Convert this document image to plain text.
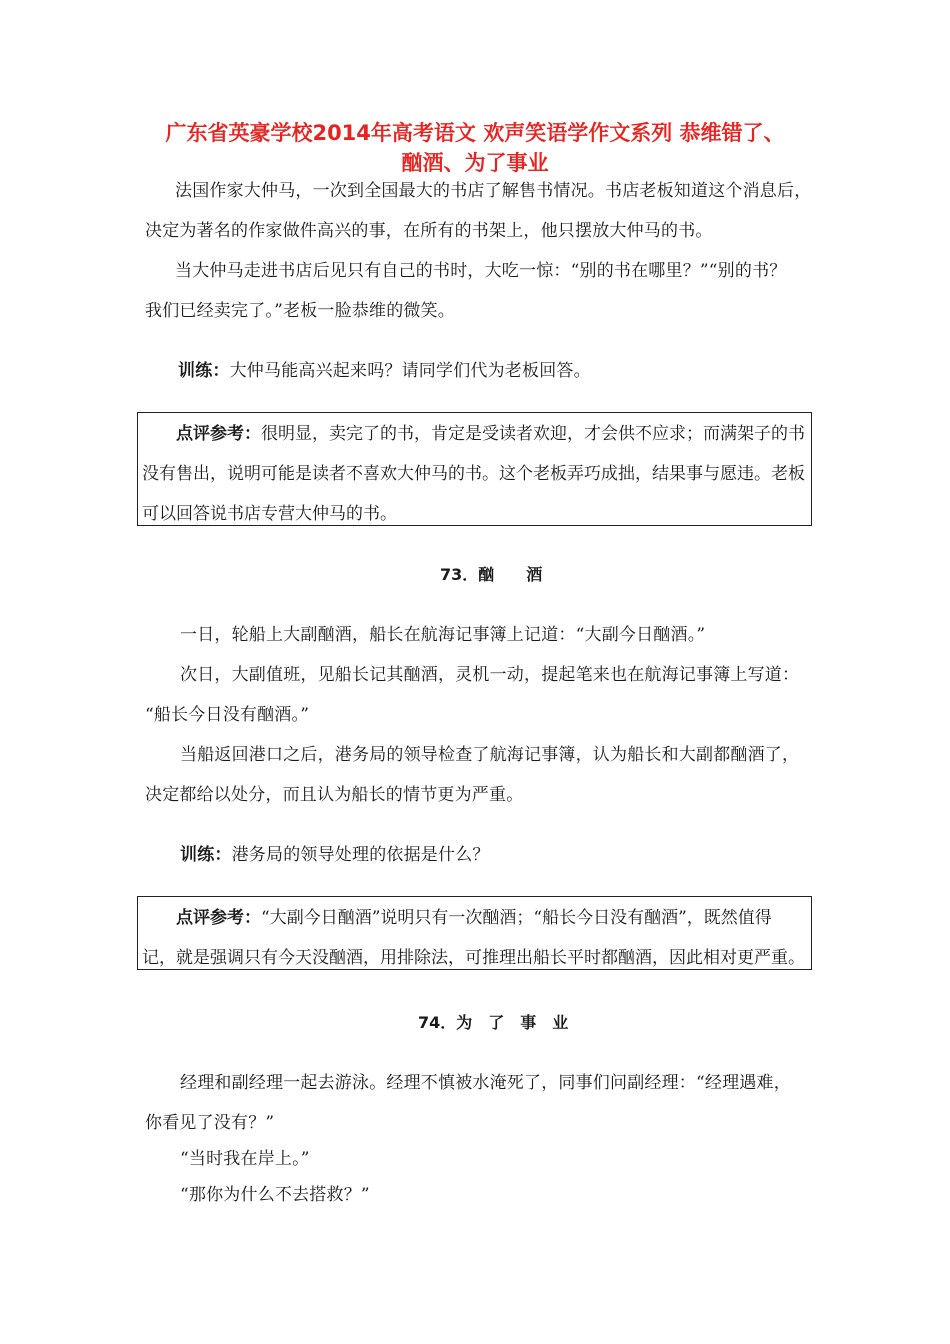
广东省英豪学校2014年高考语文 欢声笑语学作文系列 恭维错了、
酗酒、为了事业
法国作家大仲马，一次到全国最大的书店了解售书情况。书店老板知道这个消息后，
决定为著名的作家做件高兴的事，在所有的书架上，他只摆放大仲马的书。
当大仲马走进书店后见只有自己的书时，大吃一惊：“别的书在哪里？”“别的书？
我们已经卖完了。”老板一脸恭维的微笑。
训练：大仲马能高兴起来吗？请同学们代为老板回答。
点评参考：很明显，卖完了的书，肯定是受读者欢迎，才会供不应求；而满架子的书
没有售出，说明可能是读者不喜欢大仲马的书。这个老板弄巧成拙，结果事与愿违。老板
可以回答说书店专营大仲马的书。
73．酗　　酒
一日，轮船上大副酗酒，船长在航海记事簿上记道：“大副今日酗酒。”
次日，大副值班，见船长记其酗酒，灵机一动，提起笔来也在航海记事簿上写道：
“船长今日没有酗酒。”
当船返回港口之后，港务局的领导检查了航海记事簿，认为船长和大副都酗酒了，
决定都给以处分，而且认为船长的情节更为严重。
训练：港务局的领导处理的依据是什么？
点评参考：“大副今日酗酒”说明只有一次酗酒；“船长今日没有酗酒”，既然值得
记，就是强调只有今天没酗酒，用排除法，可推理出船长平时都酗酒，因此相对更严重。
74．为　了　事　业
经理和副经理一起去游泳。经理不慎被水淹死了，同事们问副经理：“经理遇难，
你看见了没有？”
“当时我在岸上。”
“那你为什么不去搭救？”
